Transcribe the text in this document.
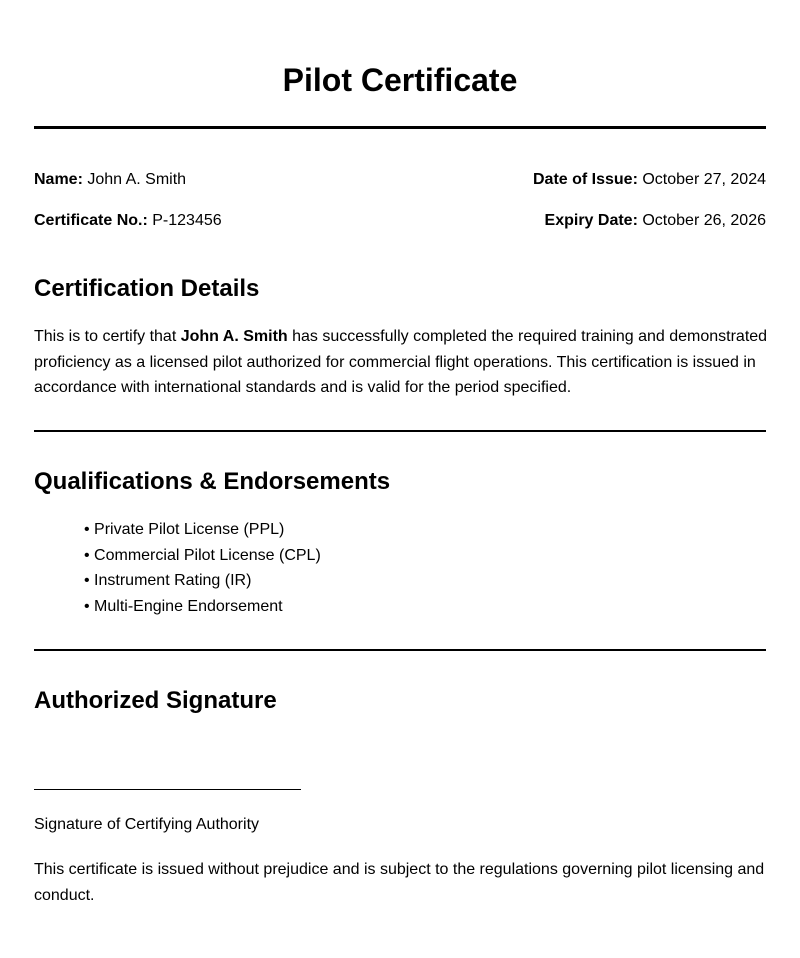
Pilot Certificate
Name: John A. Smith	Date of Issue: October 27, 2024
Certificate No.: P-123456	Expiry Date: October 26, 2026
Certification Details

This is to certify that John A. Smith has successfully completed the required training and demonstrated proficiency as a licensed pilot authorized for commercial flight operations. This certification is issued in accordance with international standards and is valid for the period specified.

Qualifications & Endorsements
• Private Pilot License (PPL)
• Commercial Pilot License (CPL)
• Instrument Rating (IR)
• Multi-Engine Endorsement
Authorized Signature
Signature of Certifying Authority

This certificate is issued without prejudice and is subject to the regulations governing pilot licensing and conduct.
